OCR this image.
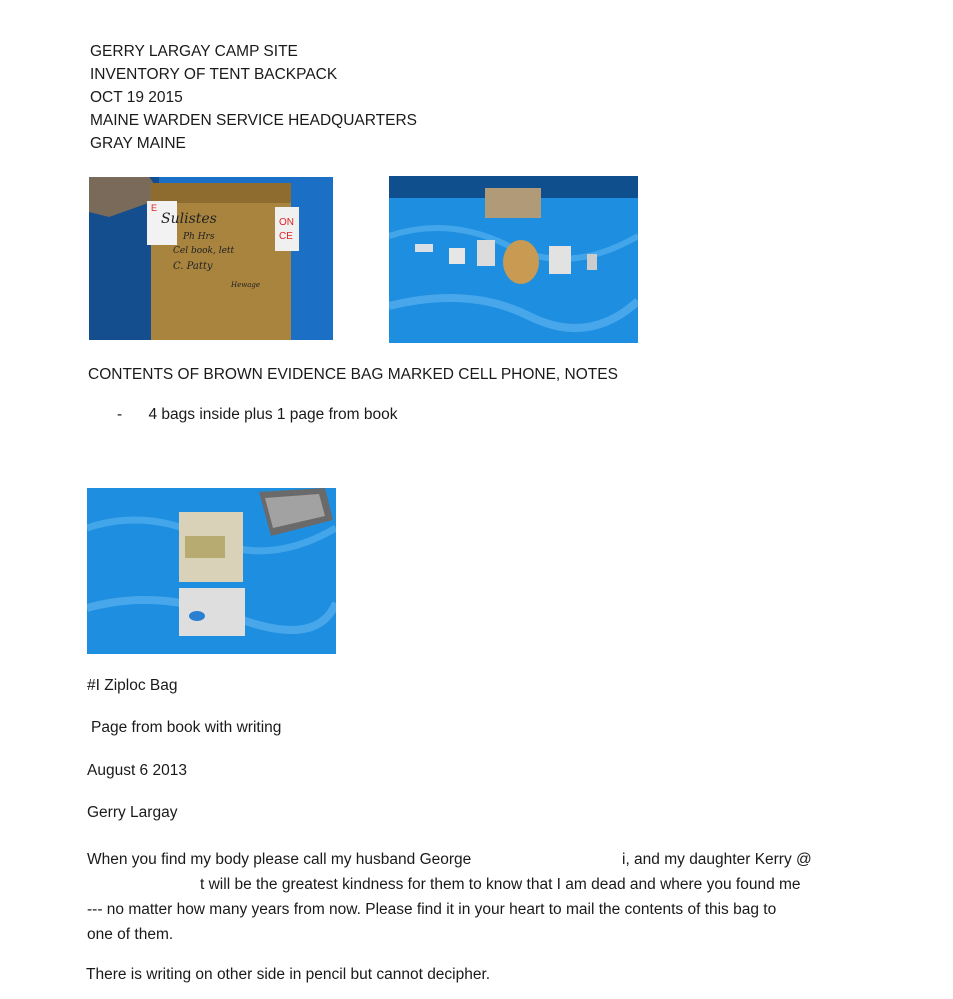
GERRY LARGAY CAMP SITE
INVENTORY OF TENT BACKPACK
OCT 19 2015
MAINE WARDEN SERVICE HEADQUARTERS
GRAY MAINE
ON
CE
E
Sulistes
Ph Hrs
Cel book, lett
C. Patty
Hewage
CONTENTS OF BROWN EVIDENCE BAG MARKED CELL PHONE, NOTES
- 4 bags inside plus 1 page from book
#I Ziploc Bag
Page from book with writing
August 6 2013
Gerry Largay
When you find my body please call my husband George	i, and my daughter Kerry @
t will be the greatest kindness for them to know that I am dead and where you found me
--- no matter how many years from now. Please find it in your heart to mail the contents of this bag to
one of them.
There is writing on other side in pencil but cannot decipher.
